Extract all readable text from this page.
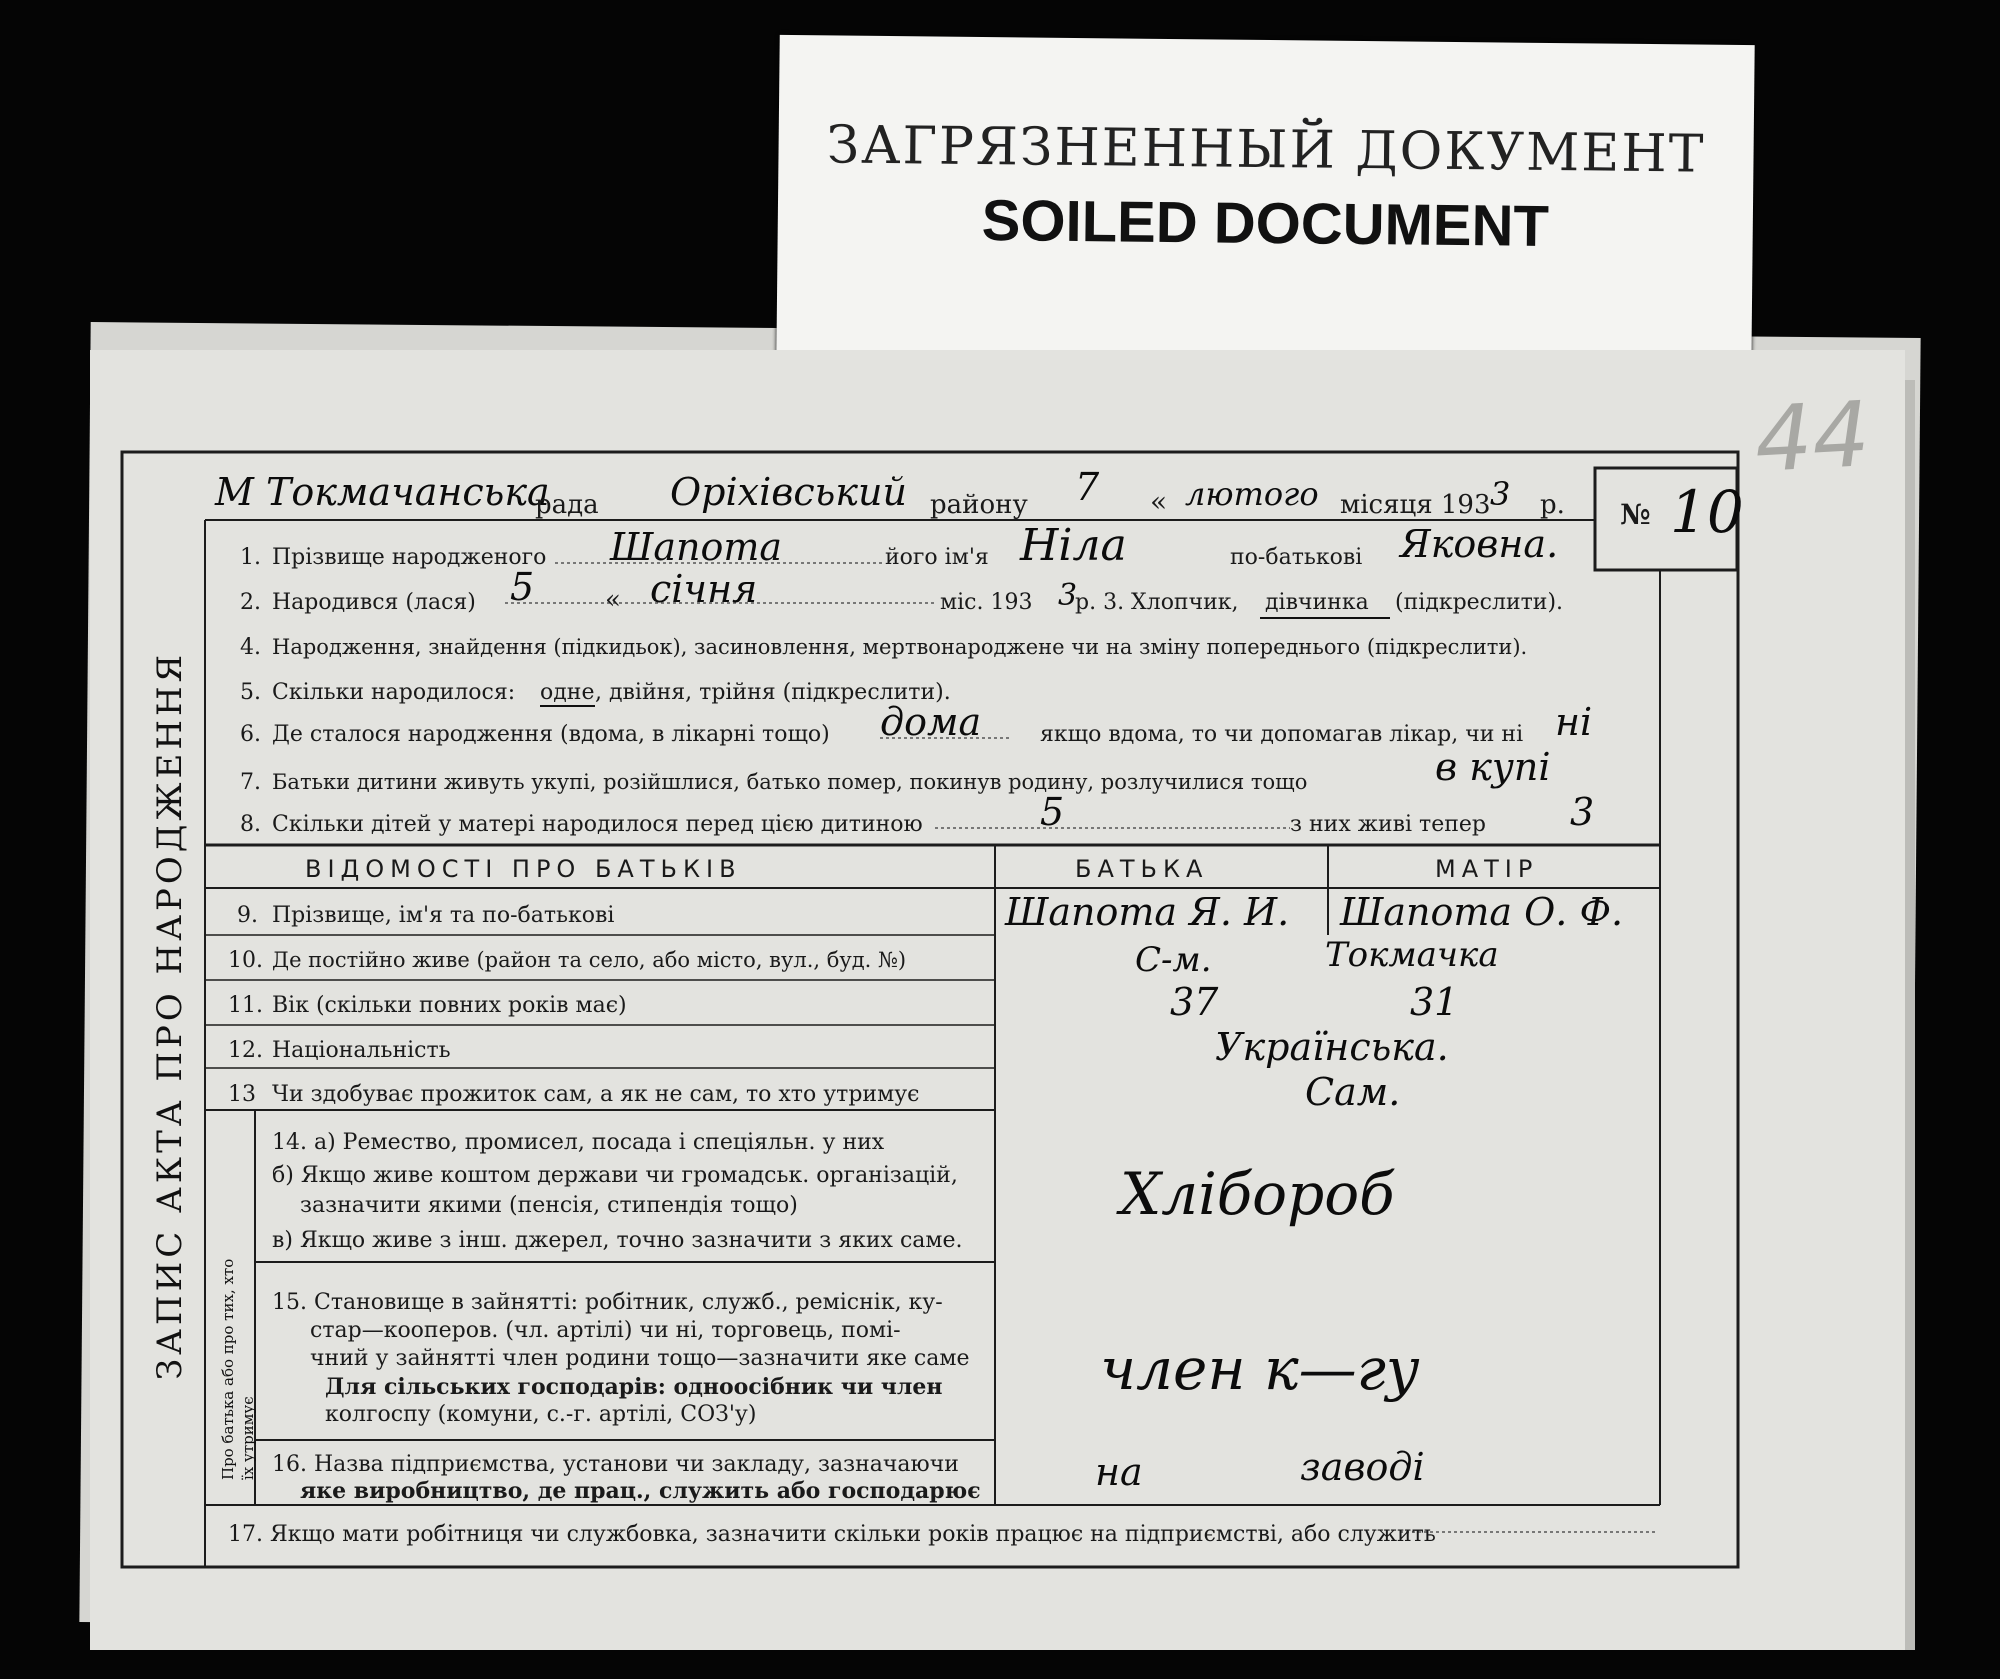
ЗАГРЯЗНЕННЫЙ ДОКУМЕНТ
SOILED DOCUMENT
44
ЗАПИС АКТА ПРО НАРОДЖЕННЯ Про батька або про тих, хто їх утримує
М Токмачанська
рада Оріхівський району 7 « лютого місяця 193 3 р. № 10
1. Прізвище народженого Шапота	його ім'я Ніла	по-батькові Яковна.
2. Народився (лася) 5	« січня	міс. 193 3
р. 3. Хлопчик, дівчинка (підкреслити).
4. Народження, знайдення (підкидьок), засиновлення, мертвонароджене чи на зміну попереднього (підкреслити).
5. Скільки народилося: одне , двійня, трійня (підкреслити).
6. Де сталося народження (вдома, в лікарні тощо) дома	якщо вдома, то чи допомагав лікар, чи ні ні
7. Батьки дитини живуть укупі, розійшлися, батько помер, покинув родину, розлучилися тощо	в купі
8. Скільки дітей у матері народилося перед цією дитиною	5	з них живі тепер 3
ВІДОМОСТІ ПРО БАТЬКІВ	БАТЬКА	МАТІР
9. Прізвище, ім'я та по-батькові	Шапота Я. И. Шапота О. Ф.
10. Де постійно живе (район та село, або місто, вул., буд. №)	С-м.	Токмачка
11. Вік (скільки повних років має)	37	31
12. Національність	Українська.
13 Чи здобуває прожиток сам, а як не сам, то хто утримує	Сам.
14. а) Ремество, промисел, посада і спеціяльн. у них
б) Якщо живе коштом держави чи громадськ. організацій,
зазначити якими (пенсія, стипендія тощо)
в) Якщо живе з інш. джерел, точно зазначити з яких саме.
Хлібороб
15. Становище в зайнятті: робітник, служб., реміснік, ку-
стар—кооперов. (чл. артілі) чи ні, торговець, помі-
чний у зайнятті член родини тощо—зазначити яке саме
Для сільських господарів: одноосібник чи член
колгоспу (комуни, с.-г. артілі, СОЗ'у)
член к—гу
16. Назва підприємства, установи чи закладу, зазначаючи
яке виробництво, де прац., служить або господарює	на	заводі
17. Якщо мати робітниця чи службовка, зазначити скільки років працює на підприємстві, або служить
